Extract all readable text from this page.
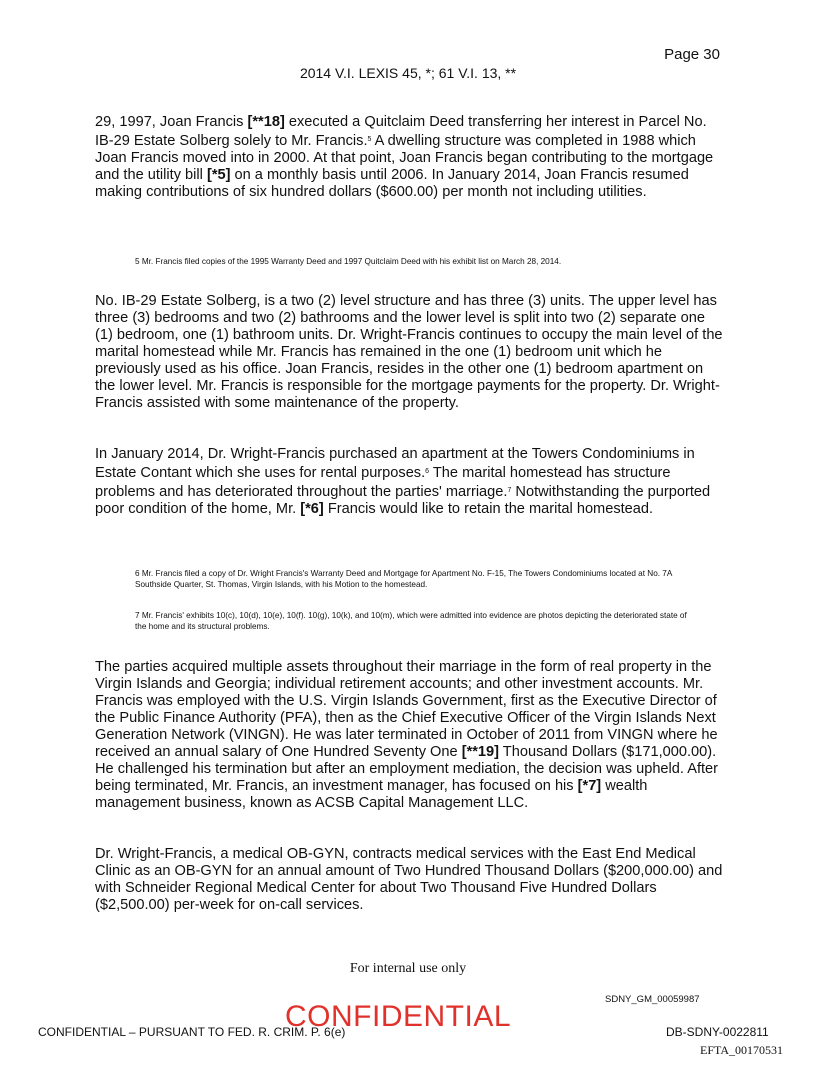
Page 30
2014 V.I. LEXIS 45, *; 61 V.I. 13, **

29, 1997, Joan Francis [**18] executed a Quitclaim Deed transferring her interest in Parcel No. IB-29 Estate Solberg solely to Mr. Francis.$^5$ A dwelling structure was completed in 1988 which Joan Francis moved into in 2000. At that point, Joan Francis began contributing to the mortgage and the utility bill [*5] on a monthly basis until 2006. In January 2014, Joan Francis resumed making contributions of six hundred dollars ($600.00) per month not including utilities.

5 Mr. Francis filed copies of the 1995 Warranty Deed and 1997 Quitclaim Deed with his exhibit list on March 28, 2014.

No. IB-29 Estate Solberg, is a two (2) level structure and has three (3) units. The upper level has three (3) bedrooms and two (2) bathrooms and the lower level is split into two (2) separate one (1) bedroom, one (1) bathroom units. Dr. Wright-Francis continues to occupy the main level of the marital homestead while Mr. Francis has remained in the one (1) bedroom unit which he previously used as his office. Joan Francis, resides in the other one (1) bedroom apartment on the lower level. Mr. Francis is responsible for the mortgage payments for the property. Dr. Wright-Francis assisted with some maintenance of the property.

In January 2014, Dr. Wright-Francis purchased an apartment at the Towers Condominiums in Estate Contant which she uses for rental purposes.$^6$ The marital homestead has structure problems and has deteriorated throughout the parties' marriage.$^7$ Notwithstanding the purported poor condition of the home, Mr. [*6] Francis would like to retain the marital homestead.

6 Mr. Francis filed a copy of Dr. Wright Francis's Warranty Deed and Mortgage for Apartment No. F-15, The Towers Condominiums located at No. 7A Southside Quarter, St. Thomas, Virgin Islands, with his Motion to the homestead.

7 Mr. Francis' exhibits 10(c), 10(d), 10(e), 10(f). 10(g), 10(k), and 10(m), which were admitted into evidence are photos depicting the deteriorated state of the home and its structural problems.

The parties acquired multiple assets throughout their marriage in the form of real property in the Virgin Islands and Georgia; individual retirement accounts; and other investment accounts. Mr. Francis was employed with the U.S. Virgin Islands Government, first as the Executive Director of the Public Finance Authority (PFA), then as the Chief Executive Officer of the Virgin Islands Next Generation Network (VINGN). He was later terminated in October of 2011 from VINGN where he received an annual salary of One Hundred Seventy One [**19] Thousand Dollars ($171,000.00). He challenged his termination but after an employment mediation, the decision was upheld. After being terminated, Mr. Francis, an investment manager, has focused on his [*7] wealth management business, known as ACSB Capital Management LLC.

Dr. Wright-Francis, a medical OB-GYN, contracts medical services with the East End Medical Clinic as an OB-GYN for an annual amount of Two Hundred Thousand Dollars ($200,000.00) and with Schneider Regional Medical Center for about Two Thousand Five Hundred Dollars ($2,500.00) per-week for on-call services.

For internal use only
SDNY_GM_00059987
CONFIDENTIAL – PURSUANT TO FED. R. CRIM. P. 6(e)
CONFIDENTIAL	DB-SDNY-0022811
EFTA_00170531
